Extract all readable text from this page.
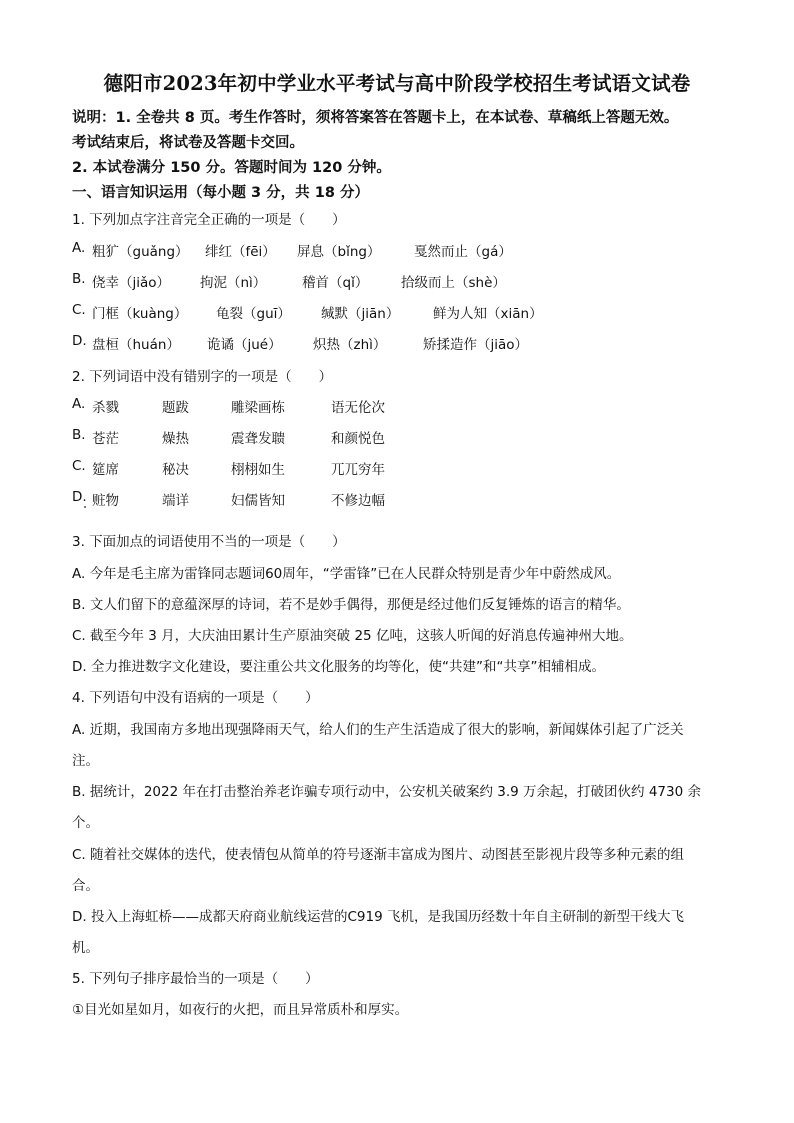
德阳市2023年初中学业水平考试与高中阶段学校招生考试语文试卷
说明：1. 全卷共 8 页。考生作答时，须将答案答在答题卡上，在本试卷、草稿纸上答题无效。
考试结束后，将试卷及答题卡交回。
2. 本试卷满分 150 分。答题时间为 120 分钟。
一、语言知识运用（每小题 3 分，共 18 分）
1. 下列加点字注音完全正确的一项是（　　）
A. 粗犷（guǎng） 绯红（fēi） 屏息（bǐng） 戛然而止（gá）
B. 侥幸（jiǎo） 拘泥（nì）	稽首（qǐ） 拾级而上（shè）
C. 门框（kuàng） 龟裂（guī） 缄默（jiān） 鲜为人知（xiān）
D. 盘桓（huán） 诡谲（jué） 炽热（zhì）	矫揉造作（jiāo）
2. 下列词语中没有错别字的一项是（　　）
A. 杀戮	题跋	雕梁画栋	语无伦次
B. 苍茫	燥热	震聋发聩	和颜悦色
C. 筵席	秘决	栩栩如生	兀兀穷年
D. 赃物	端详	妇儒皆知	不修边幅
3. 下面加点的词语使用不当的一项是（　　）
A. 今年是毛主席为雷锋同志题词60周年，“学雷锋”已在人民群众特别是青少年中蔚然成风。
B. 文人们留下的意蕴深厚的诗词，若不是妙手偶得，那便是经过他们反复锤炼的语言的精华。
C. 截至今年 3 月，大庆油田累计生产原油突破 25 亿吨，这骇人听闻的好消息传遍神州大地。
D. 全力推进数字文化建设，要注重公共文化服务的均等化，使“共建”和“共享”相辅相成。
4. 下列语句中没有语病的一项是（　　）
A. 近期，我国南方多地出现强降雨天气，给人们的生产生活造成了很大的影响，新闻媒体引起了广泛关
注。
B. 据统计，2022 年在打击整治养老诈骗专项行动中，公安机关破案约 3.9 万余起，打破团伙约 4730 余
个。
C. 随着社交媒体的迭代，使表情包从简单的符号逐渐丰富成为图片、动图甚至影视片段等多种元素的组
合。
D. 投入上海虹桥——成都天府商业航线运营的C919 飞机，是我国历经数十年自主研制的新型干线大飞
机。
5. 下列句子排序最恰当的一项是（　　）
①目光如星如月，如夜行的火把，而且异常质朴和厚实。
